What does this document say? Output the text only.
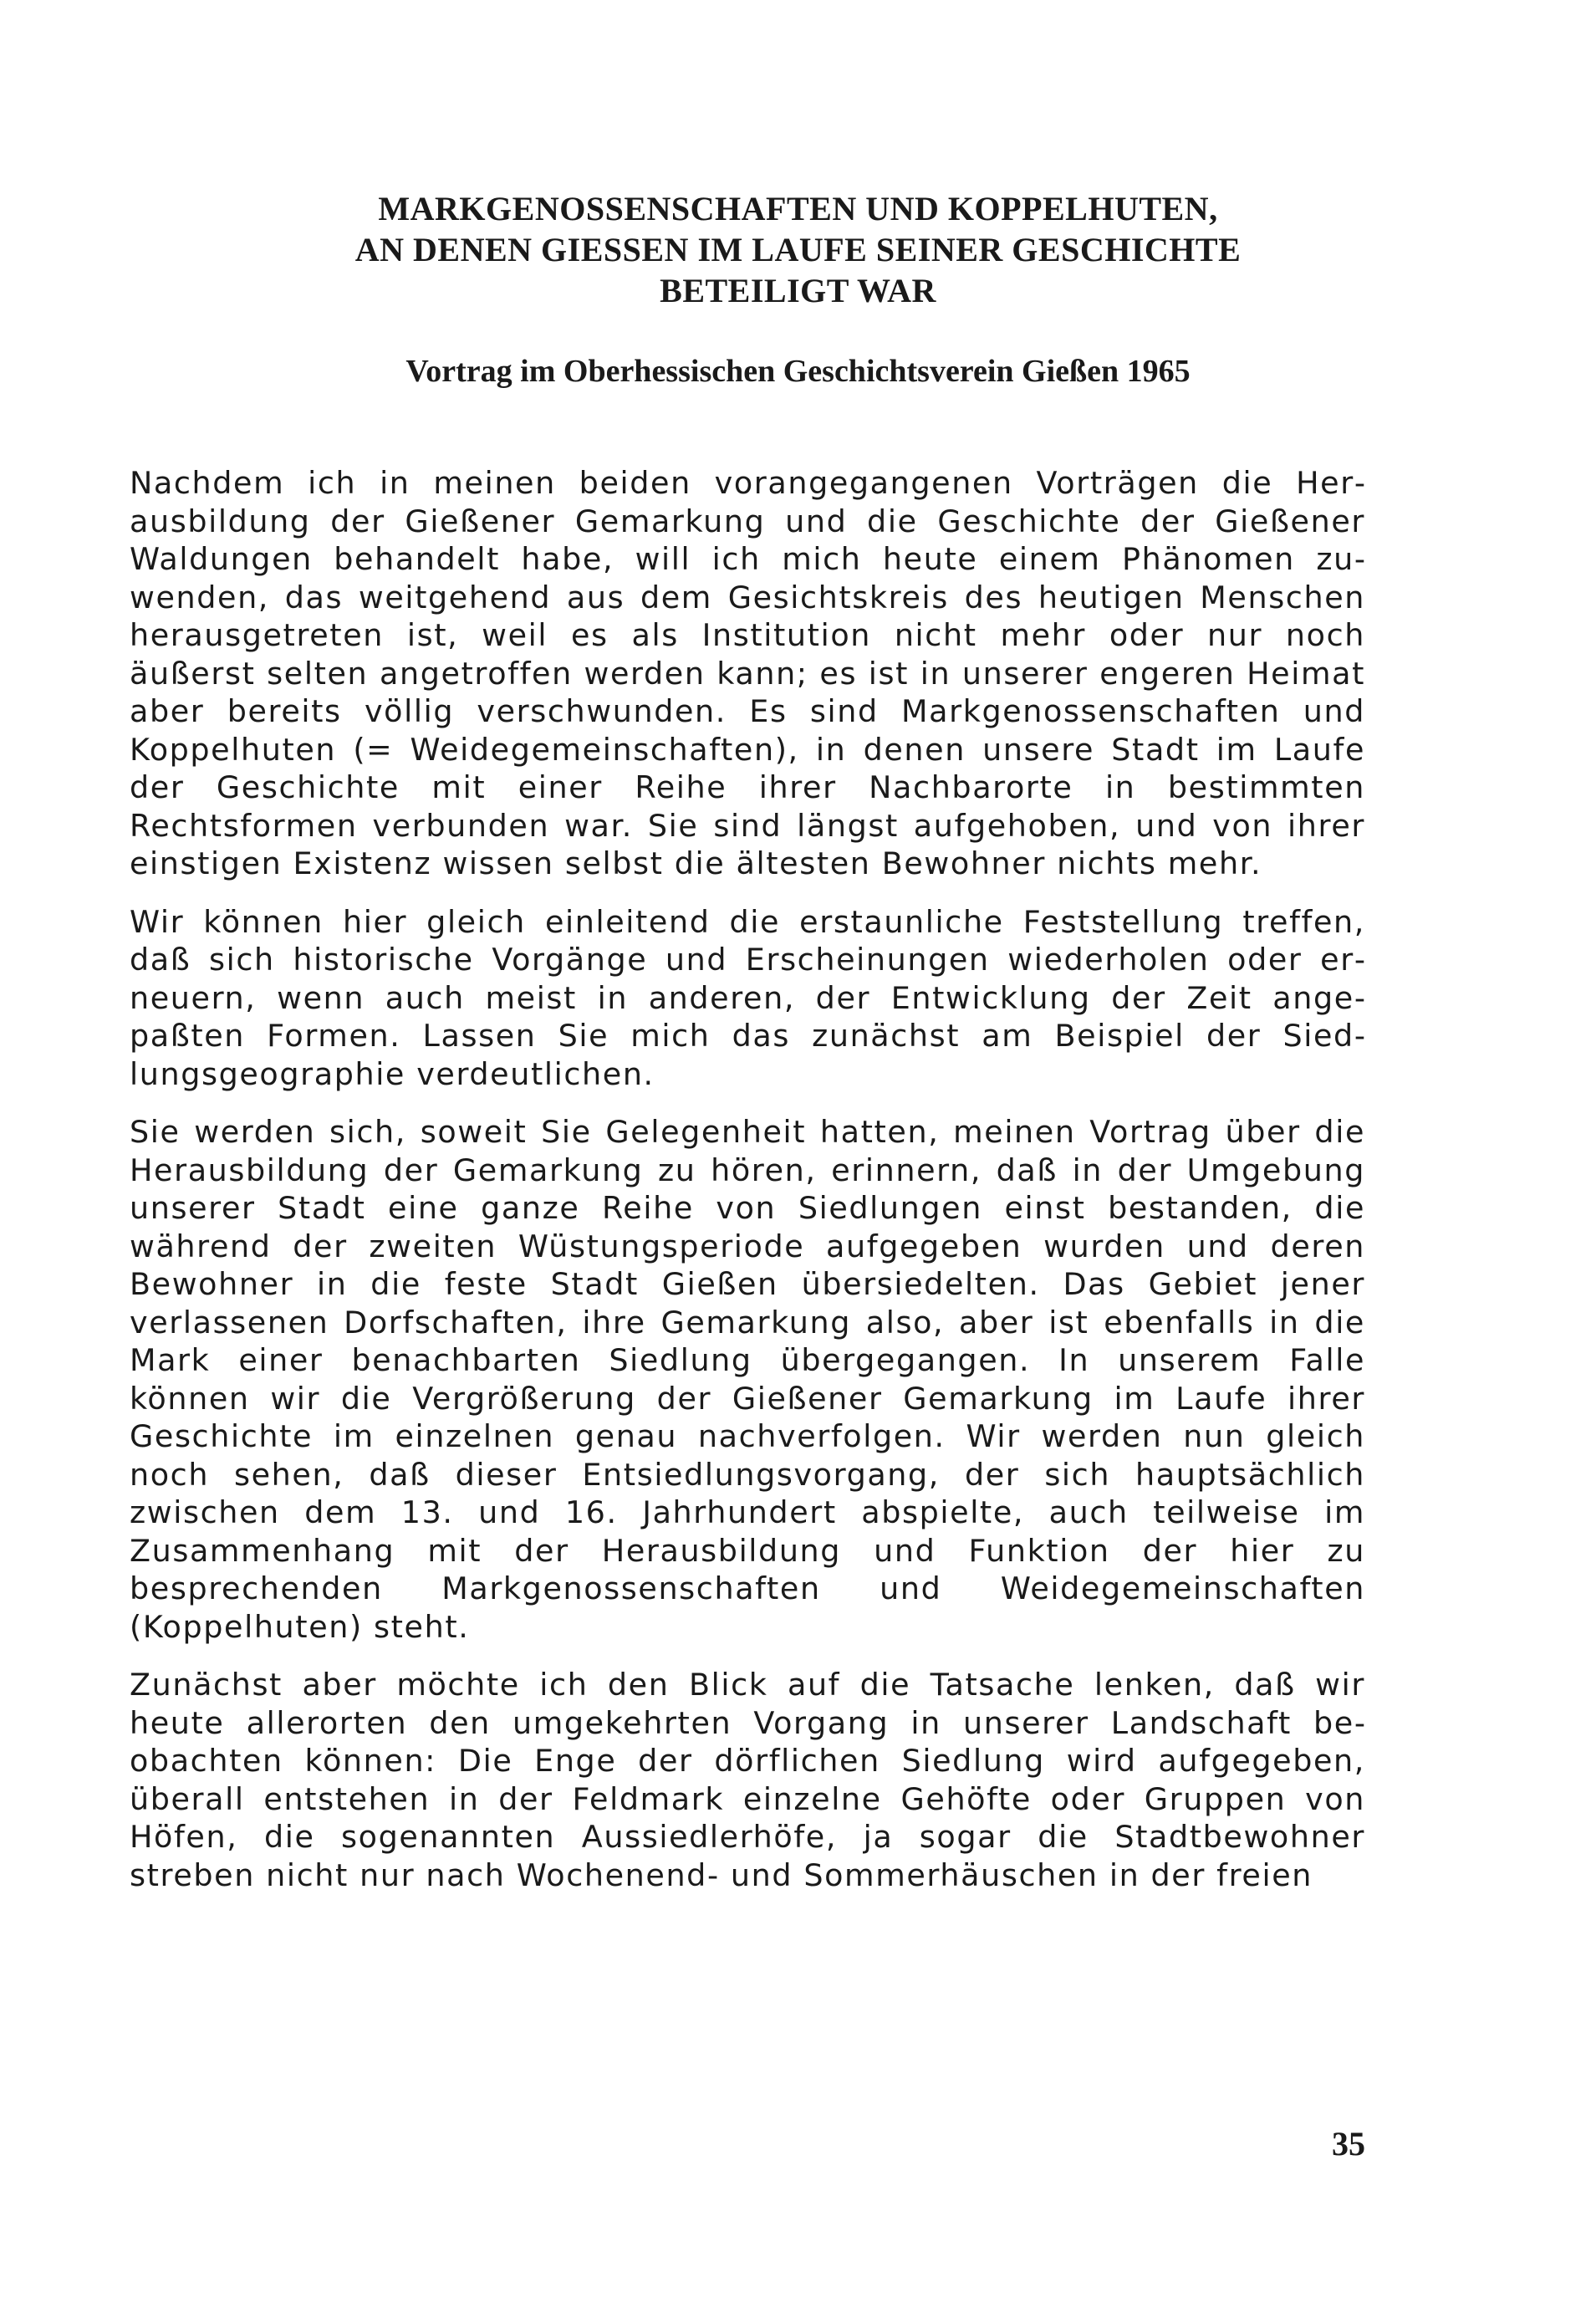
MARKGENOSSENSCHAFTEN UND KOPPELHUTEN,
AN DENEN GIESSEN IM LAUFE SEINER GESCHICHTE
BETEILIGT WAR
Vortrag im Oberhessischen Geschichtsverein Gießen 1965

Nachdem ich in meinen beiden vorangegangenen Vorträgen die Herausbildung der Gießener Gemarkung und die Geschichte der Gießener Waldungen behandelt habe, will ich mich heute einem Phänomen zuwenden, das weitgehend aus dem Gesichtskreis des heutigen Menschen herausgetreten ist, weil es als Institution nicht mehr oder nur noch äußerst selten angetroffen werden kann; es ist in unserer engeren Heimat aber bereits völlig verschwunden. Es sind Markgenossenschaften und Koppelhuten (= Weidegemeinschaften), in denen unsere Stadt im Laufe der Geschichte mit einer Reihe ihrer Nachbarorte in bestimmten Rechtsformen verbunden war. Sie sind längst aufgehoben, und von ihrer einstigen Existenz wissen selbst die ältesten Bewohner nichts mehr.

Wir können hier gleich einleitend die erstaunliche Feststellung treffen, daß sich historische Vorgänge und Erscheinungen wiederholen oder erneuern, wenn auch meist in anderen, der Entwicklung der Zeit angepaßten Formen. Lassen Sie mich das zunächst am Beispiel der Siedlungsgeographie verdeutlichen.

Sie werden sich, soweit Sie Gelegenheit hatten, meinen Vortrag über die Herausbildung der Gemarkung zu hören, erinnern, daß in der Umgebung unserer Stadt eine ganze Reihe von Siedlungen einst bestanden, die während der zweiten Wüstungsperiode aufgegeben wurden und deren Bewohner in die feste Stadt Gießen übersiedelten. Das Gebiet jener verlassenen Dorfschaften, ihre Gemarkung also, aber ist ebenfalls in die Mark einer benachbarten Siedlung übergegangen. In unserem Falle können wir die Vergrößerung der Gießener Gemarkung im Laufe ihrer Geschichte im einzelnen genau nachverfolgen. Wir werden nun gleich noch sehen, daß dieser Entsiedlungsvorgang, der sich hauptsächlich zwischen dem 13. und 16. Jahrhundert abspielte, auch teilweise im Zusammenhang mit der Herausbildung und Funktion der hier zu besprechenden Markgenossenschaften und Weidegemeinschaften (Koppelhuten) steht.

Zunächst aber möchte ich den Blick auf die Tatsache lenken, daß wir heute allerorten den umgekehrten Vorgang in unserer Landschaft beobachten können: Die Enge der dörflichen Siedlung wird aufgegeben, überall entstehen in der Feldmark einzelne Gehöfte oder Gruppen von Höfen, die sogenannten Aussiedlerhöfe, ja sogar die Stadtbewohner streben nicht nur nach Wochenend- und Sommerhäuschen in der freien

35
